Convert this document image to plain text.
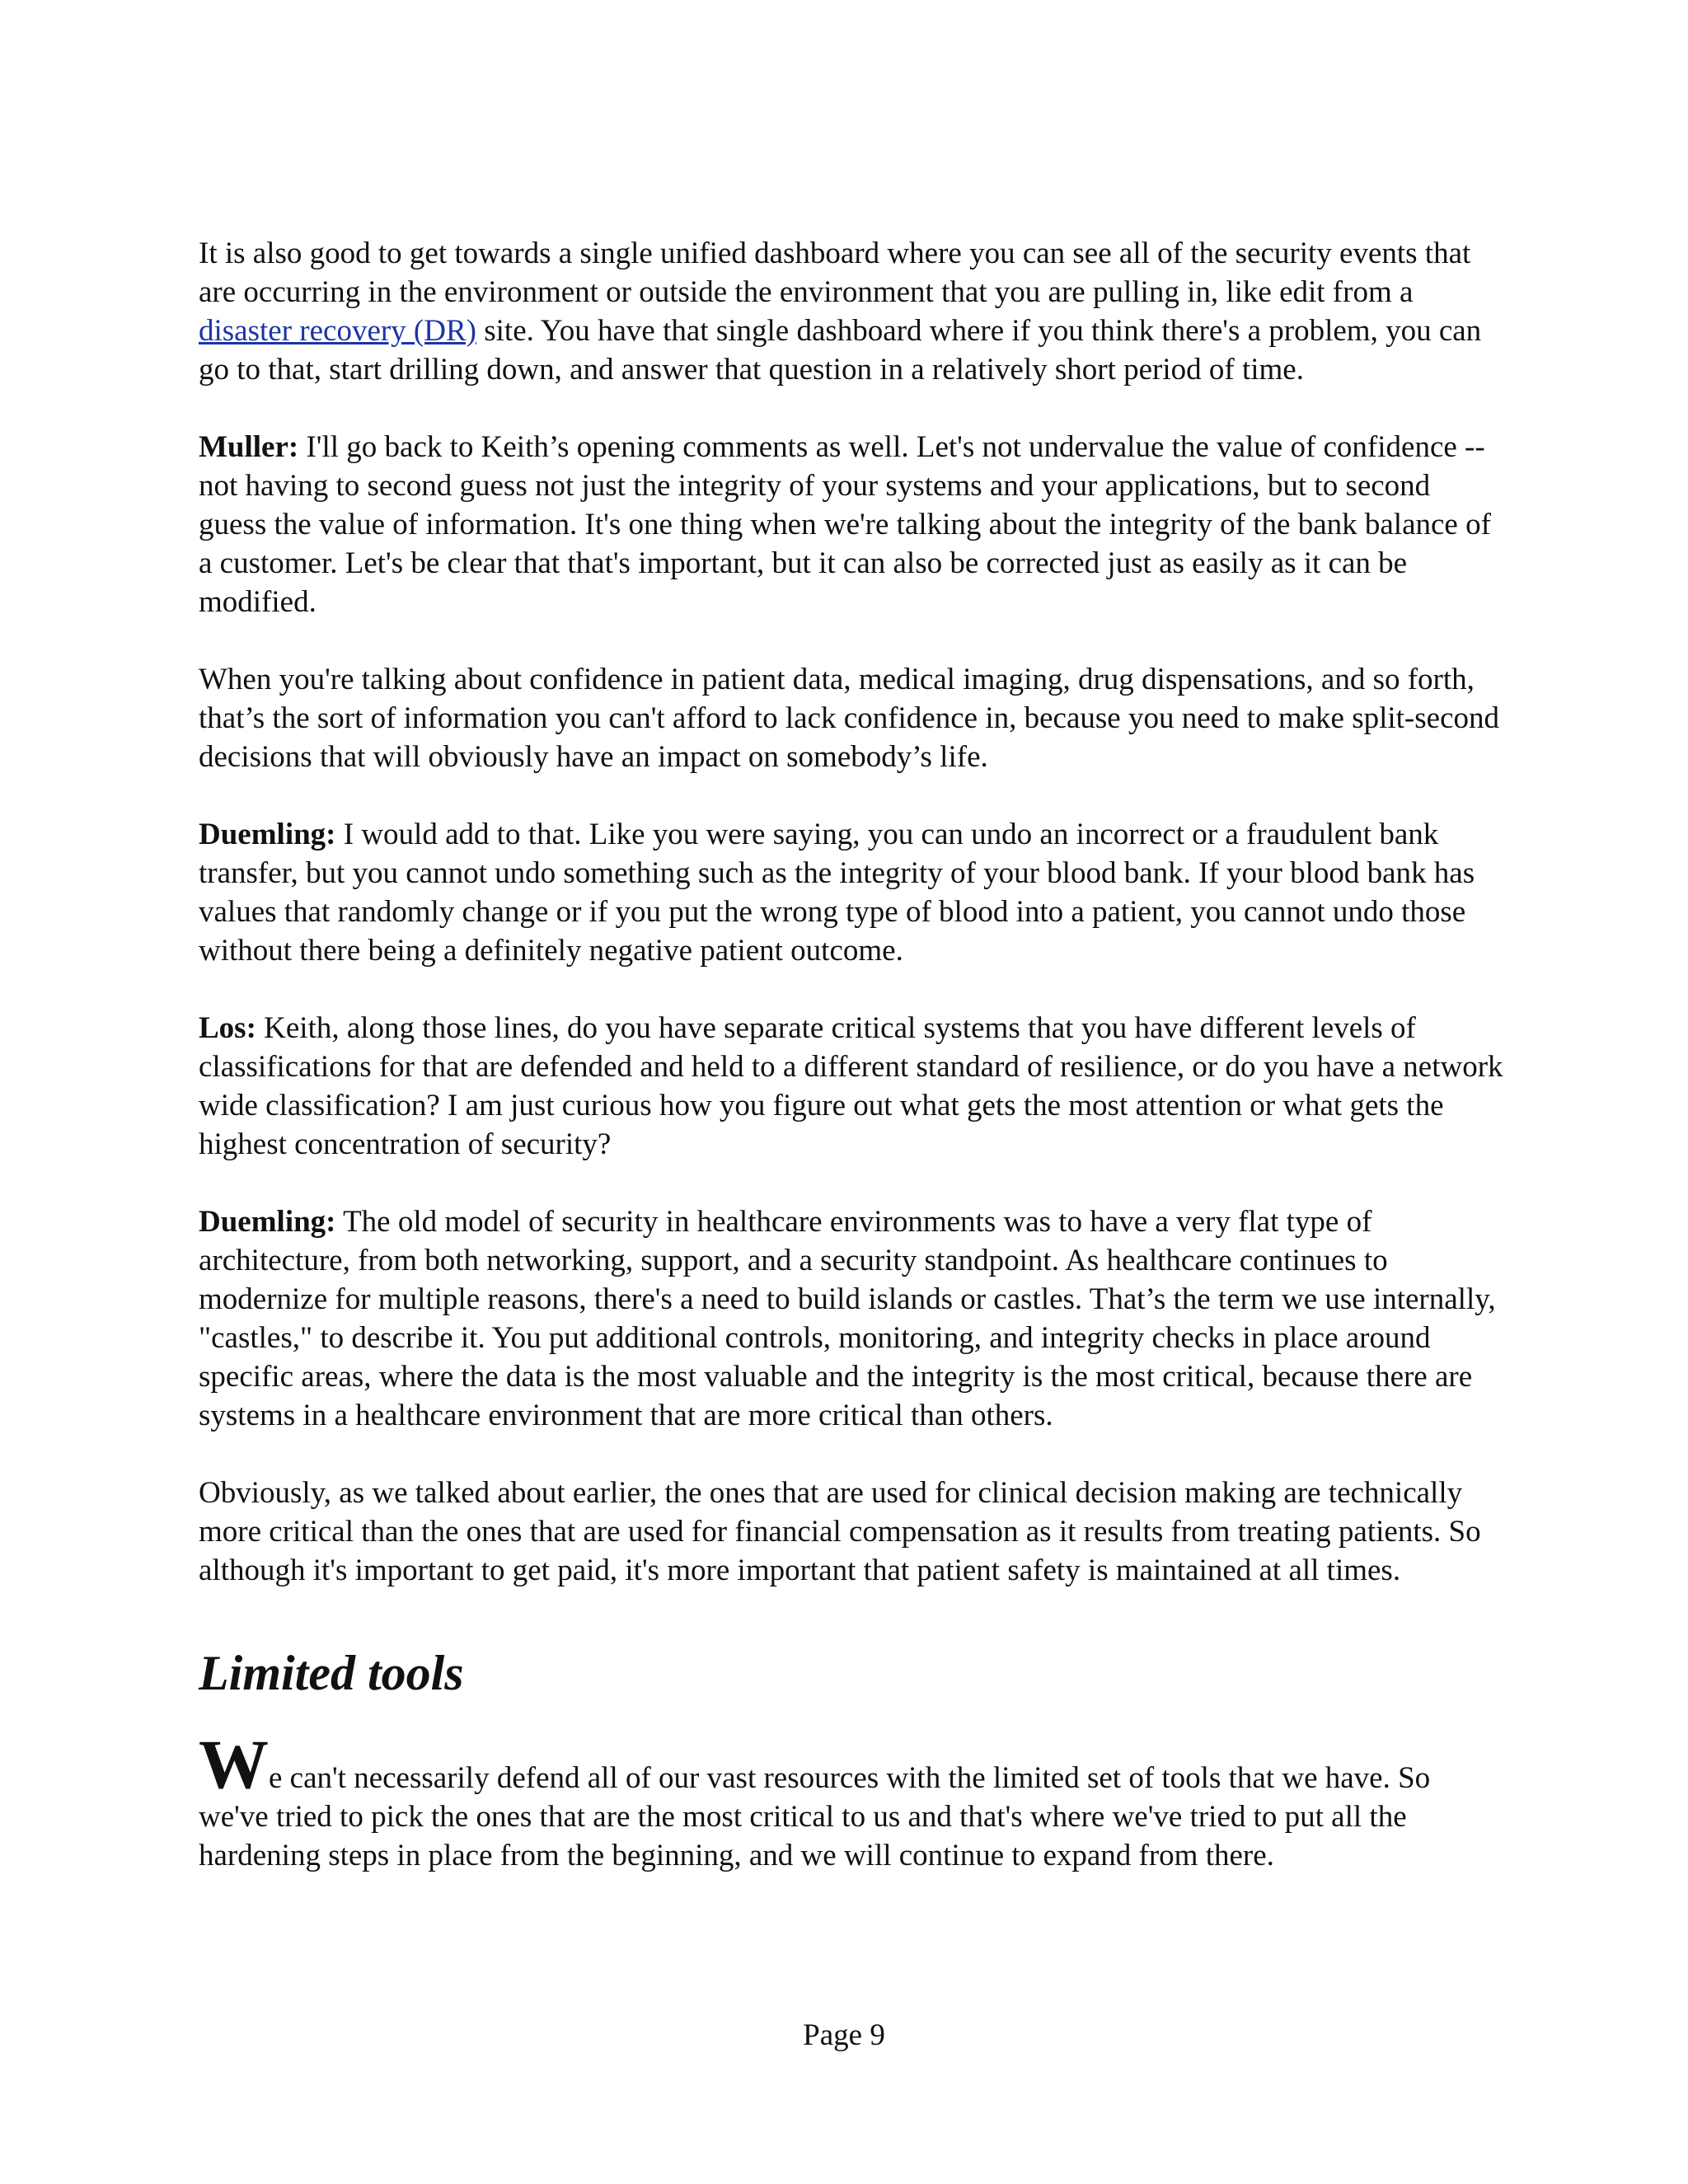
It is also good to get towards a single unified dashboard where you can see all of the security events that are occurring in the environment or outside the environment that you are pulling in, like edit from a disaster recovery (DR) site. You have that single dashboard where if you think there's a problem, you can go to that, start drilling down, and answer that question in a relatively short period of time.

Muller: I'll go back to Keith’s opening comments as well. Let's not undervalue the value of confidence -- not having to second guess not just the integrity of your systems and your applications, but to second guess the value of information. It's one thing when we're talking about the integrity of the bank balance of a customer. Let's be clear that that's important, but it can also be corrected just as easily as it can be modified.

When you're talking about confidence in patient data, medical imaging, drug dispensations, and so forth, that’s the sort of information you can't afford to lack confidence in, because you need to make split-second decisions that will obviously have an impact on somebody’s life.

Duemling: I would add to that. Like you were saying, you can undo an incorrect or a fraudulent bank transfer, but you cannot undo something such as the integrity of your blood bank. If your blood bank has values that randomly change or if you put the wrong type of blood into a patient, you cannot undo those without there being a definitely negative patient outcome.

Los: Keith, along those lines, do you have separate critical systems that you have different levels of classifications for that are defended and held to a different standard of resilience, or do you have a network wide classification? I am just curious how you figure out what gets the most attention or what gets the highest concentration of security?

Duemling: The old model of security in healthcare environments was to have a very flat type of architecture, from both networking, support, and a security standpoint. As healthcare continues to modernize for multiple reasons, there's a need to build islands or castles. That’s the term we use internally, "castles," to describe it. You put additional controls, monitoring, and integrity checks in place around specific areas, where the data is the most valuable and the integrity is the most critical, because there are systems in a healthcare environment that are more critical than others.

Obviously, as we talked about earlier, the ones that are used for clinical decision making are technically more critical than the ones that are used for financial compensation as it results from treating patients. So although it's important to get paid, it's more important that patient safety is maintained at all times.

Limited tools

We can't necessarily defend all of our vast resources with the limited set of tools that we have. So we've tried to pick the ones that are the most critical to us and that's where we've tried to put all the hardening steps in place from the beginning, and we will continue to expand from there.

Page 9
